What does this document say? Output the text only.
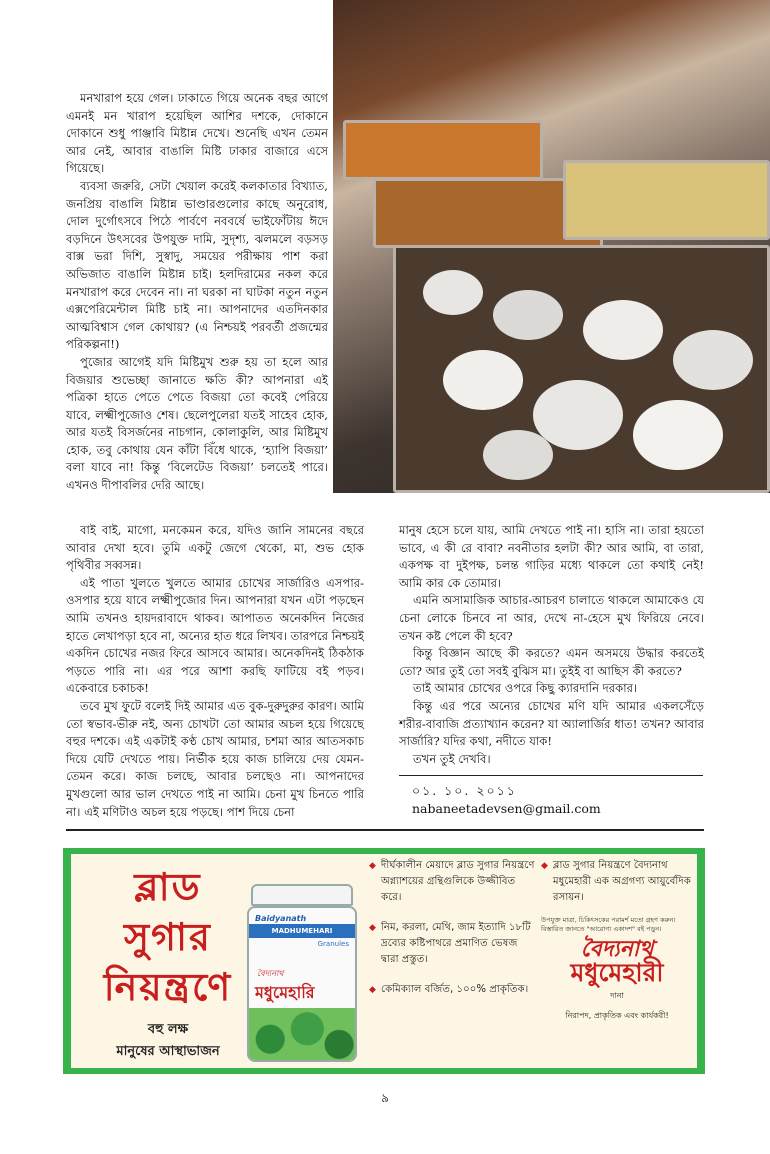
মনখারাপ হয়ে গেল। ঢাকাতে গিয়ে অনেক বছর আগে এমনই মন খারাপ হয়েছিল আশির দশকে, দোকানে দোকানে শুধু পাঞ্জাবি মিষ্টান্ন দেখে। শুনেছি এখন তেমন আর নেই, আবার বাঙালি মিষ্টি ঢাকার বাজারে এসে গিয়েছে।

ব্যবসা জরুরি, সেটা খেয়াল করেই কলকাতার বিখ্যাত, জনপ্রিয় বাঙালি মিষ্টান্ন ভাণ্ডারগুলোর কাছে অনুরোধ, দোল দুর্গোৎসবে পিঠে পার্বণে নববর্ষে ভাইফোঁটায় ঈদে বড়দিনে উৎসবের উপযুক্ত দামি, সুদৃশ্য, ঝলমলে বড়সড় বাক্স ভরা দিশি, সুস্বাদু, সময়ের পরীক্ষায় পাশ করা অভিজাত বাঙালি মিষ্টান্ন চাই। হলদিরামের নকল করে মনখারাপ করে দেবেন না। না ঘরকা না ঘাটকা নতুন নতুন এক্সপেরিমেন্টাল মিষ্টি চাই না। আপনাদের এতদিনকার আত্মবিশ্বাস গেল কোথায়? (এ নিশ্চয়ই পরবর্তী প্রজন্মের পরিকল্পনা!)

পুজোর আগেই যদি মিষ্টিমুখ শুরু হয় তা হলে আর বিজয়ার শুভেচ্ছা জানাতে ক্ষতি কী? আপনারা এই পত্রিকা হাতে পেতে পেতে বিজয়া তো কবেই পেরিয়ে যাবে, লক্ষ্মীপুজোও শেষ। ছেলেপুলেরা যতই সাহেব হোক, আর যতই বিসর্জনের নাচগান, কোলাকুলি, আর মিষ্টিমুখ হোক, তবু কোথায় যেন কাঁটা বিঁধে থাকে, ‘হ্যাপি বিজয়া’ বলা যাবে না! কিন্তু ‘বিলেটেড বিজয়া’ চলতেই পারে। এখনও দীপাবলির দেরি আছে।

বাই বাই, মাগো, মনকেমন করে, যদিও জানি সামনের বছরে আবার দেখা হবে। তুমি একটু জেগে থেকো, মা, শুভ হোক পৃথিবীর সব্বসন্ন।

এই পাতা খুলতে খুলতে আমার চোখের সার্জারিও এসপার-ওসপার হয়ে যাবে লক্ষ্মীপুজোর দিন। আপনারা যখন এটা পড়ছেন আমি তখনও হায়দরাবাদে থাকব। আপাতত অনেকদিন নিজের হাতে লেখাপড়া হবে না, অন্যের হাত ধরে লিখব। তারপরে নিশ্চয়ই একদিন চোখের নজর ফিরে আসবে আমার। অনেকদিনই ঠিকঠাক পড়তে পারি না। এর পরে আশা করছি ফাটিয়ে বই পড়ব। একেবারে চকাচক!

তবে মুখ ফুটে বলেই দিই আমার এত বুক-দুরুদুরুর কারণ। আমি তো স্বভাব-ভীরু নই, অন্য চোখটা তো আমার অচল হয়ে গিয়েছে বহুর দশকে। এই একটাই কণ্ঠ চোখ আমার, চশমা আর আতসকাচ দিয়ে যেটি দেখতে পায়। নির্ভীক হয়ে কাজ চালিয়ে দেয় যেমন-তেমন করে। কাজ চলছে, আবার চলছেও না। আপনাদের মুখগুলো আর ভাল দেখতে পাই না আমি। চেনা মুখ চিনতে পারি না। এই মণিটাও অচল হয়ে পড়ছে। পাশ দিয়ে চেনা

মানুষ হেসে চলে যায়, আমি দেখতে পাই না। হাসি না। তারা হয়তো ভাবে, এ কী রে বাবা? নবনীতার হলটা কী? আর আমি, বা তারা, একপক্ষ বা দুইপক্ষ, চলন্ত গাড়ির মধ্যে থাকলে তো কথাই নেই! আমি কার কে তোমার।

এমনি অসামাজিক আচার-আচরণ চালাতে থাকলে আমাকেও যে চেনা লোকে চিনবে না আর, দেখে না-হেসে মুখ ফিরিয়ে নেবে। তখন কষ্ট পেলে কী হবে?

কিন্তু বিজ্ঞান আছে কী করতে? এমন অসময়ে উদ্ধার করতেই তো? আর তুই তো সবই বুঝিস মা। তুইই বা আছিস কী করতে?

তাই আমার চোখের ওপরে কিছু ক্যারদানি দরকার।

কিন্তু এর পরে অন্যের চোখের মণি যদি আমার একলসেঁড়ে শরীর-বাবাজি প্রত্যাখ্যান করেন? যা অ্যালার্জির ধাত! তখন? আবার সার্জারি? যদির কথা, নদীতে যাক!

তখন তুই দেখবি।

০১. ১০. ২০১১
nabaneetadevsen@gmail.com
ব্লাড
সুগার
নিয়ন্ত্রণে
বহু লক্ষ
মানুষের আস্থাভাজন
Baidyanath
MADHUMEHARI
Granules
বৈদ্যনাথ
মধুমেহারি
◆ দীর্ঘকালীন মেয়াদে ব্লাড সুগার নিয়ন্ত্রণে অগ্ন্যাশয়ের গ্রন্থিগুলিকে উজ্জীবিত করে।
◆ নিম, করলা, মেথি, জাম ইত্যাদি ১৮টি দ্রব্যের কষ্টিপাথরে প্রমাণিত ভেষজ দ্বারা প্রস্তুত।
◆ কেমিক্যাল বর্জিত, ১০০% প্রাকৃতিক।
◆ ব্লাড সুগার নিয়ন্ত্রণে বৈদ্যনাথ মধুমেহারী এক অগ্রগণ্য আয়ুর্বেদিক রসায়ন।
উপযুক্ত মাত্রা, চিকিৎসকের পরামর্শ মতো গ্রহণ করুন। বিস্তারিত জানতে "আরোগ্য একাদশ" বই পড়ুন।
বৈদ্যনাথ
মধুমেহারী
দানা
নিরাপদ, প্রাকৃতিক এবং কার্যকরী!
৯
